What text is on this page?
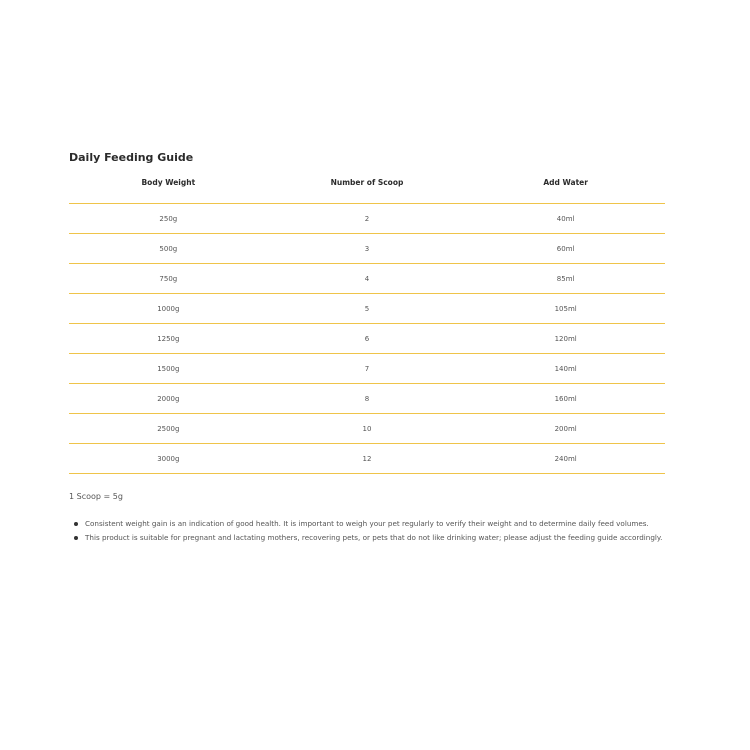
Daily Feeding Guide
Body Weight	Number of Scoop	Add Water
250g	2	40ml
500g	3	60ml
750g	4	85ml
1000g	5	105ml
1250g	6	120ml
1500g	7	140ml
2000g	8	160ml
2500g	10	200ml
3000g	12	240ml
1 Scoop = 5g
Consistent weight gain is an indication of good health. It is important to weigh your pet regularly to verify their weight and to determine daily feed volumes.
This product is suitable for pregnant and lactating mothers, recovering pets, or pets that do not like drinking water; please adjust the feeding guide accordingly.
